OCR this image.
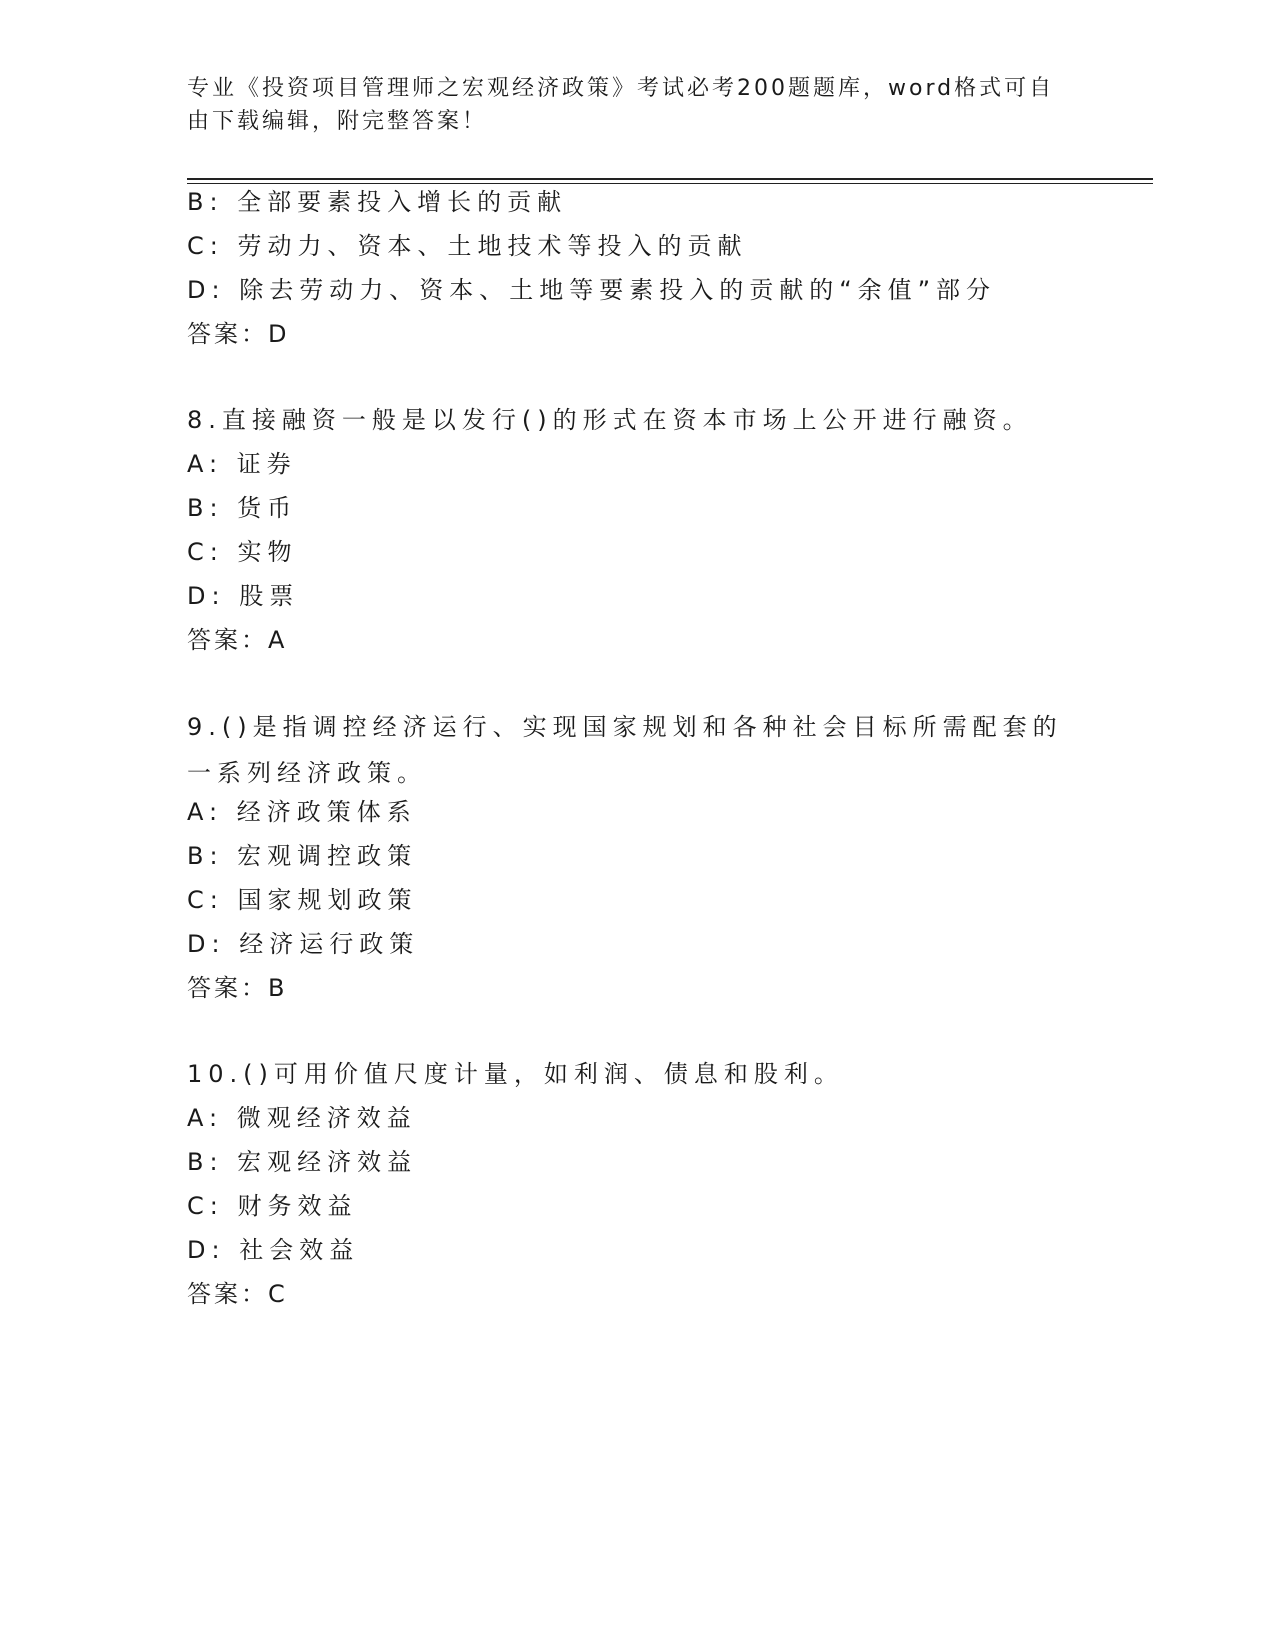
专业《投资项目管理师之宏观经济政策》考试必考200题题库，word格式可自由下载编辑，附完整答案！
B: 全部要素投入增长的贡献
C: 劳动力、资本、土地技术等投入的贡献
D: 除去劳动力、资本、土地等要素投入的贡献的“余值”部分
答案：D
8.直接融资一般是以发行()的形式在资本市场上公开进行融资。
A: 证券
B: 货币
C: 实物
D: 股票
答案：A
9.()是指调控经济运行、实现国家规划和各种社会目标所需配套的一系列经济政策。
A: 经济政策体系
B: 宏观调控政策
C: 国家规划政策
D: 经济运行政策
答案：B
10.()可用价值尺度计量，如利润、债息和股利。
A: 微观经济效益
B: 宏观经济效益
C: 财务效益
D: 社会效益
答案：C
